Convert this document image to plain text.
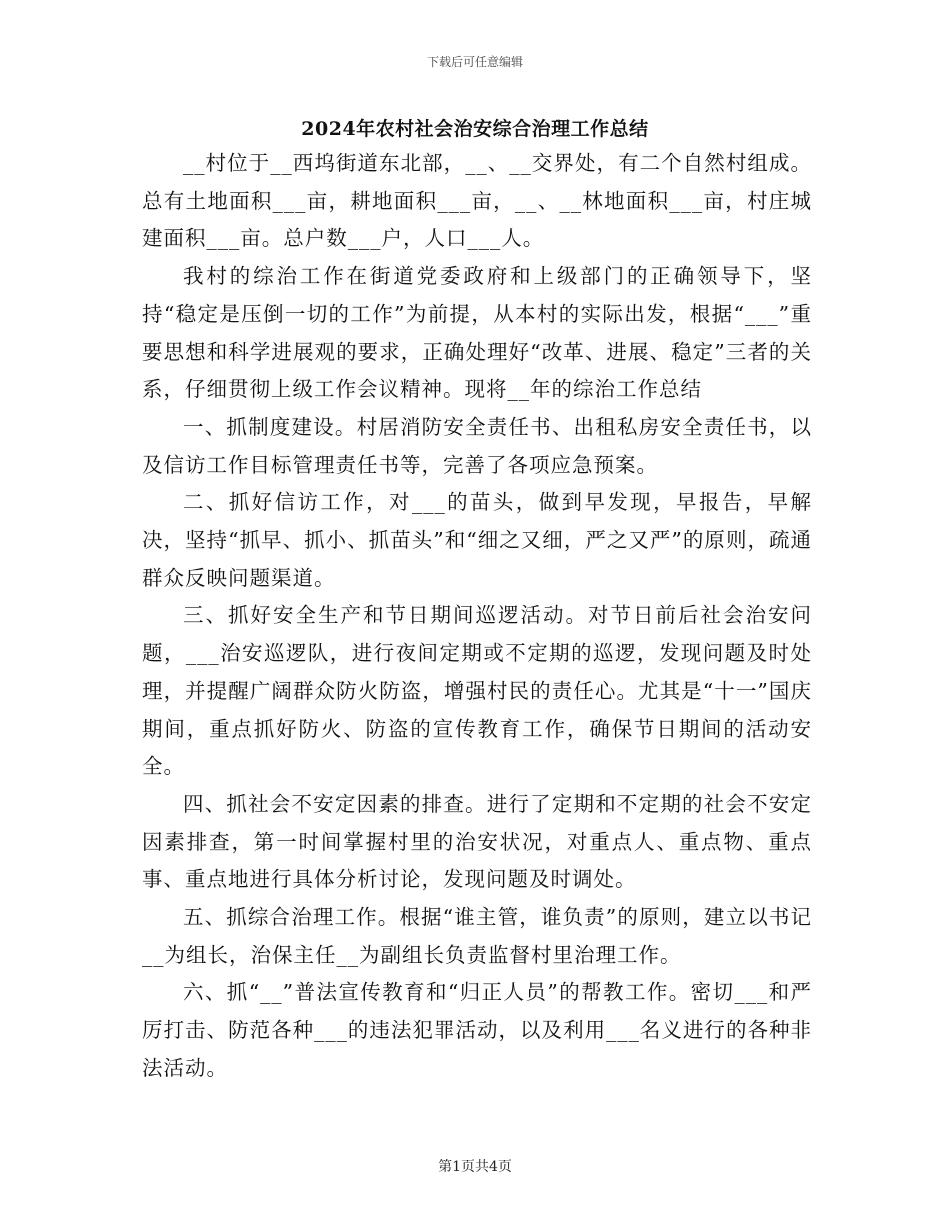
下载后可任意编辑
2024年农村社会治安综合治理工作总结

__村位于__西坞街道东北部，__、__交界处，有二个自然村组成。总有土地面积___亩，耕地面积___亩，__、__林地面积___亩，村庄城建面积___亩。总户数___户，人口___人。

我村的综治工作在街道党委政府和上级部门的正确领导下，坚持“稳定是压倒一切的工作”为前提，从本村的实际出发，根据“___”重要思想和科学进展观的要求，正确处理好“改革、进展、稳定”三者的关系，仔细贯彻上级工作会议精神。现将__年的综治工作总结

一、抓制度建设。村居消防安全责任书、出租私房安全责任书，以及信访工作目标管理责任书等，完善了各项应急预案。

二、抓好信访工作，对___的苗头，做到早发现，早报告，早解决，坚持“抓早、抓小、抓苗头”和“细之又细，严之又严”的原则，疏通群众反映问题渠道。

三、抓好安全生产和节日期间巡逻活动。对节日前后社会治安问题，___治安巡逻队，进行夜间定期或不定期的巡逻，发现问题及时处理，并提醒广阔群众防火防盗，增强村民的责任心。尤其是“十一”国庆期间，重点抓好防火、防盗的宣传教育工作，确保节日期间的活动安全。

四、抓社会不安定因素的排查。进行了定期和不定期的社会不安定因素排查，第一时间掌握村里的治安状况，对重点人、重点物、重点事、重点地进行具体分析讨论，发现问题及时调处。

五、抓综合治理工作。根据“谁主管，谁负责”的原则，建立以书记__为组长，治保主任__为副组长负责监督村里治理工作。

六、抓“__”普法宣传教育和“归正人员”的帮教工作。密切___和严厉打击、防范各种___的违法犯罪活动，以及利用___名义进行的各种非法活动。

第1页共4页
